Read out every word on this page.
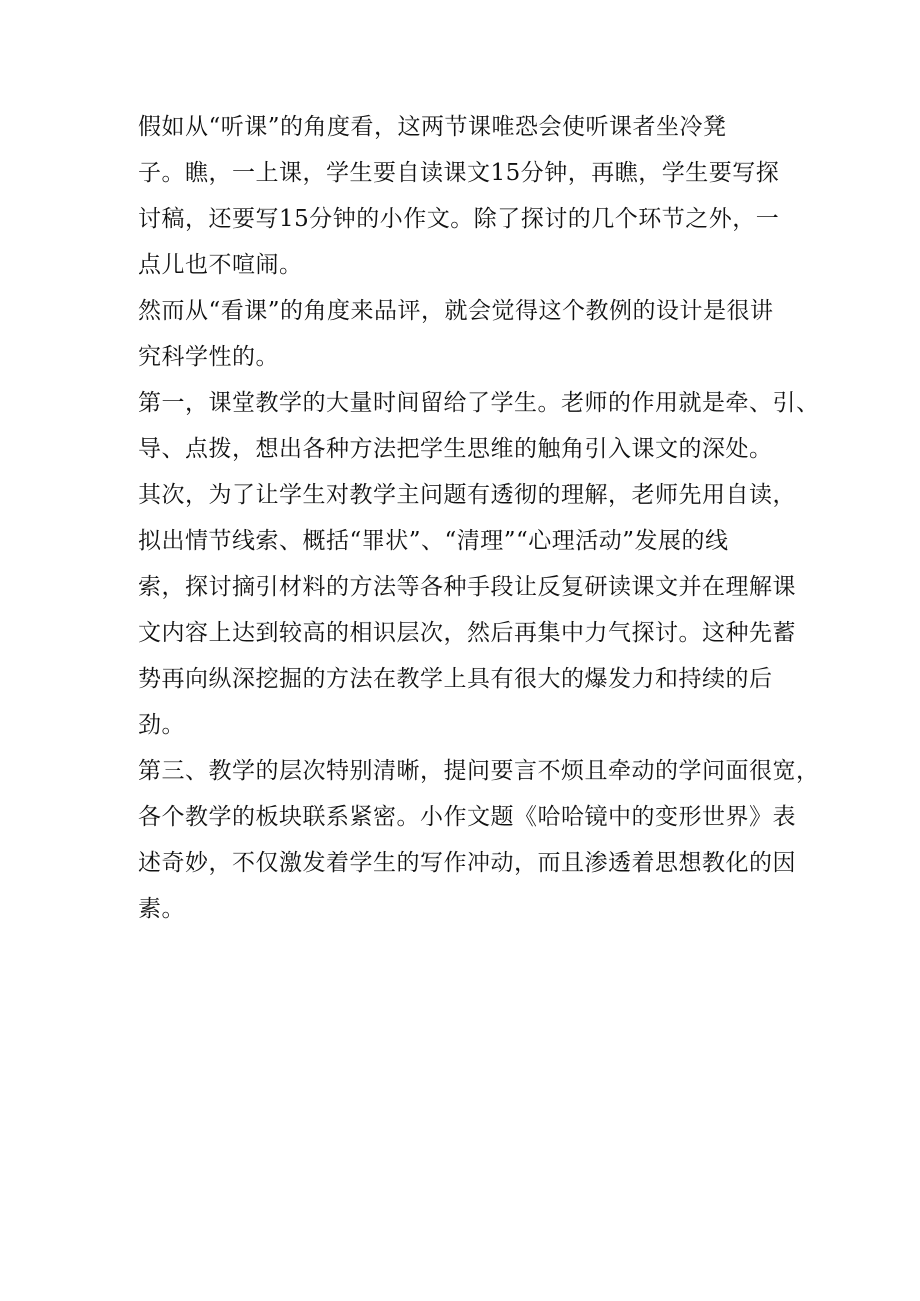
假如从“听课”的角度看，这两节课唯恐会使听课者坐冷凳
子。瞧，一上课，学生要自读课文15分钟，再瞧，学生要写探
讨稿，还要写15分钟的小作文。除了探讨的几个环节之外，一
点儿也不喧闹。
然而从“看课”的角度来品评，就会觉得这个教例的设计是很讲
究科学性的。
第一，课堂教学的大量时间留给了学生。老师的作用就是牵、引、
导、点拨，想出各种方法把学生思维的触角引入课文的深处。
其次，为了让学生对教学主问题有透彻的理解，老师先用自读，
拟出情节线索、概括“罪状”、“清理”“心理活动”发展的线
索，探讨摘引材料的方法等各种手段让反复研读课文并在理解课
文内容上达到较高的相识层次，然后再集中力气探讨。这种先蓄
势再向纵深挖掘的方法在教学上具有很大的爆发力和持续的后
劲。
第三、教学的层次特别清晰，提问要言不烦且牵动的学问面很宽，
各个教学的板块联系紧密。小作文题《哈哈镜中的变形世界》表
述奇妙，不仅激发着学生的写作冲动，而且渗透着思想教化的因
素。
